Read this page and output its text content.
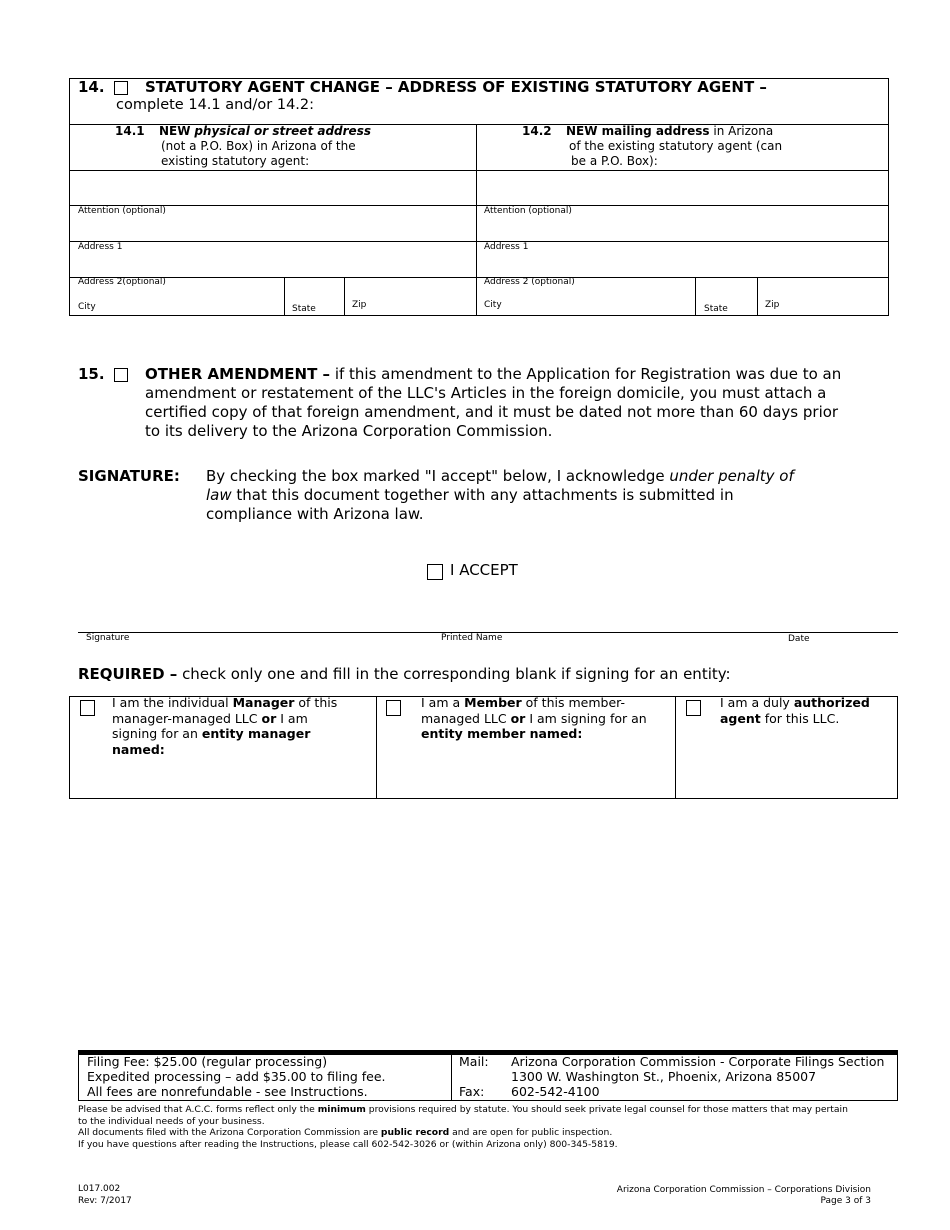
14.	STATUTORY AGENT CHANGE – ADDRESS OF EXISTING STATUTORY AGENT –
complete 14.1 and/or 14.2:
14.1 NEW physical or street address
(not a P.O. Box) in Arizona of the
existing statutory agent:
14.2 NEW mailing address in Arizona
of the existing statutory agent (can
be a P.O. Box):
Attention (optional)
Address 1
Address 2(optional)
City	State	Zip
Attention (optional)
Address 1
Address 2 (optional)
City	State	Zip
15.	OTHER AMENDMENT – if this amendment to the Application for Registration was due to an
amendment or restatement of the LLC's Articles in the foreign domicile, you must attach a
certified copy of that foreign amendment, and it must be dated not more than 60 days prior
to its delivery to the Arizona Corporation Commission.
SIGNATURE: By checking the box marked "I accept" below, I acknowledge under penalty of
law that this document together with any attachments is submitted in
compliance with Arizona law.
I ACCEPT
Signature	Printed Name	Date
REQUIRED – check only one and fill in the corresponding blank if signing for an entity:
I am the individual Manager of this
manager-managed LLC or I am
signing for an entity manager
named:
I am a Member of this member-
managed LLC or I am signing for an
entity member named:
I am a duly authorized
agent for this LLC.
Filing Fee: $25.00 (regular processing)
Expedited processing – add $35.00 to filing fee.
All fees are nonrefundable - see Instructions.
Mail: Arizona Corporation Commission - Corporate Filings Section
1300 W. Washington St., Phoenix, Arizona 85007
Fax: 602-542-4100
Please be advised that A.C.C. forms reflect only the minimum provisions required by statute. You should seek private legal counsel for those matters that may pertain
to the individual needs of your business.
All documents filed with the Arizona Corporation Commission are public record and are open for public inspection.
If you have questions after reading the Instructions, please call 602-542-3026 or (within Arizona only) 800-345-5819.
L017.002
Rev: 7/2017
Arizona Corporation Commission – Corporations Division
Page 3 of 3
